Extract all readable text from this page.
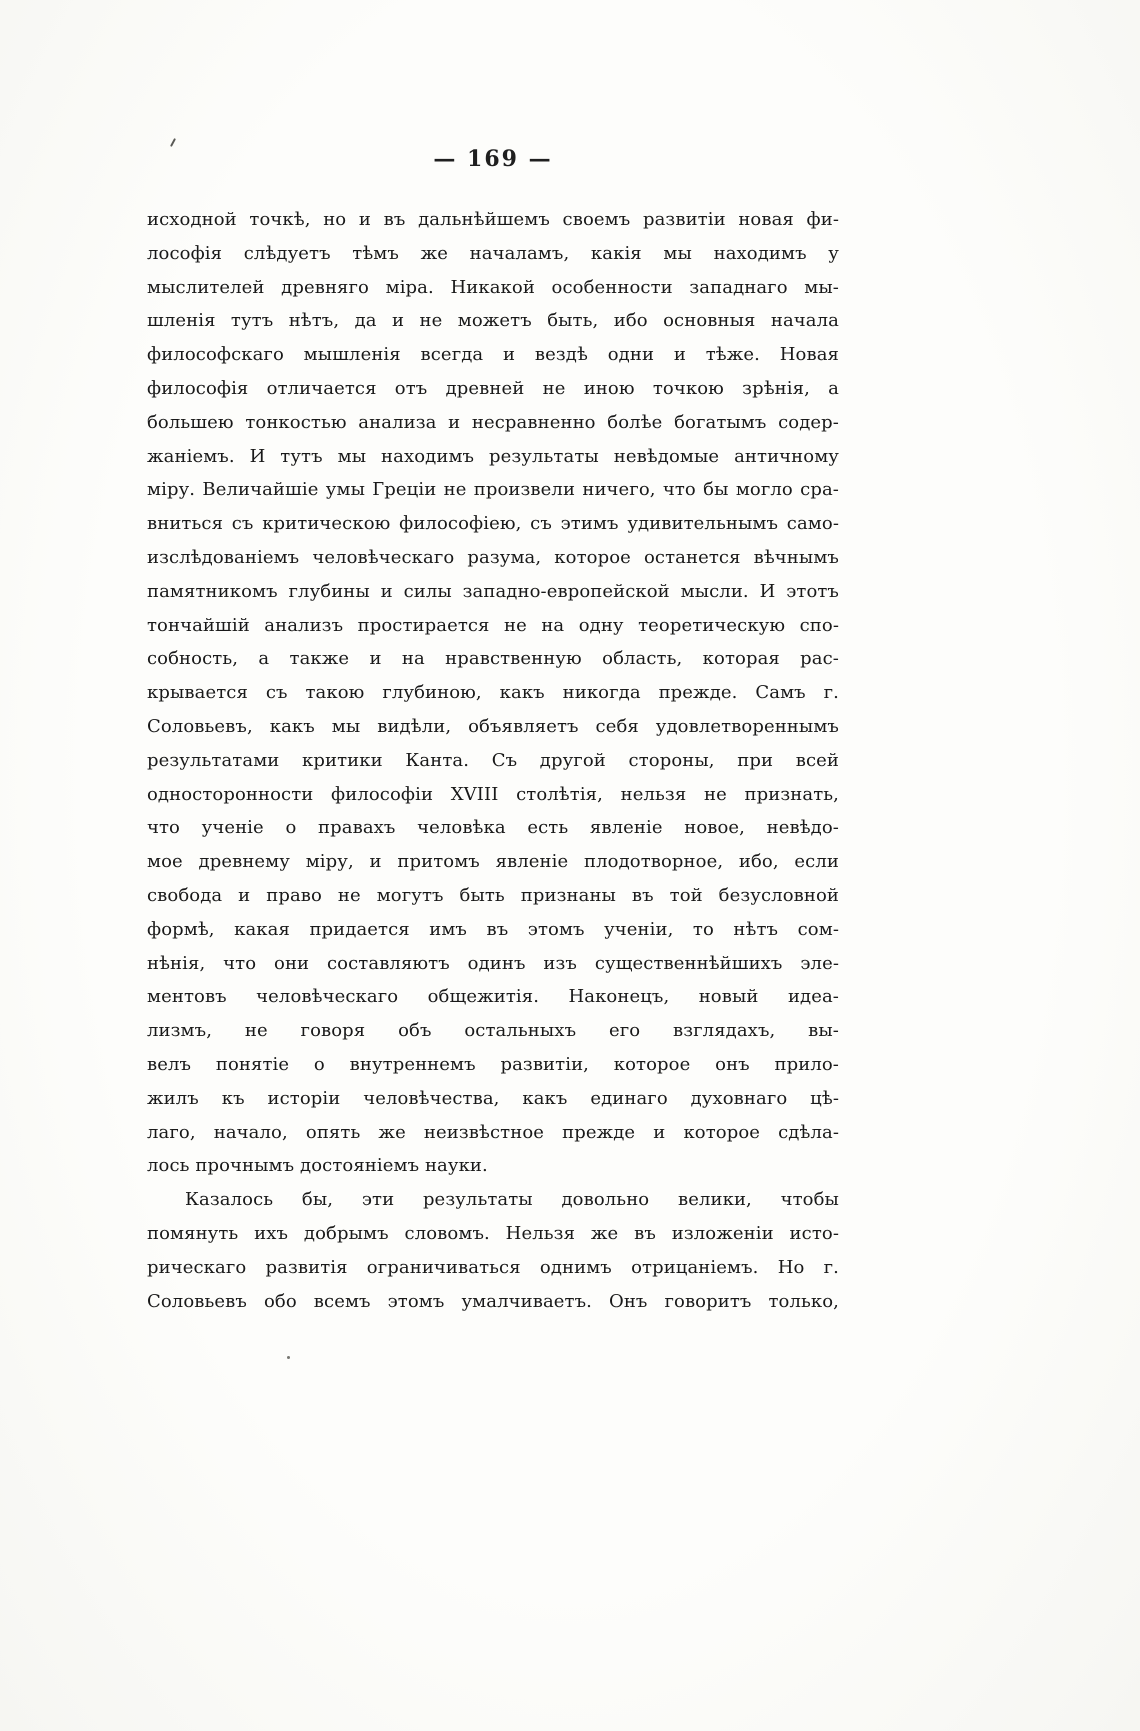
— 169 —
исходной точкѣ, но и въ дальнѣйшемъ своемъ развитіи новая фи-
лософія слѣдуетъ тѣмъ же началамъ, какія мы находимъ у
мыслителей древняго міра. Никакой особенности западнаго мы-
шленія тутъ нѣтъ, да и не можетъ быть, ибо основныя начала
философскаго мышленія всегда и вездѣ одни и тѣже. Новая
философія отличается отъ древней не иною точкою зрѣнія, а
большею тонкостью анализа и несравненно болѣе богатымъ содер-
жаніемъ. И тутъ мы находимъ результаты невѣдомые античному
міру. Величайшіе умы Греціи не произвели ничего, что бы могло сра-
вниться съ критическою философіею, съ этимъ удивительнымъ само-
изслѣдованіемъ человѣческаго разума, которое останется вѣчнымъ
памятникомъ глубины и силы западно-европейской мысли. И этотъ
тончайшій анализъ простирается не на одну теоретическую спо-
собность, а также и на нравственную область, которая рас-
крывается съ такою глубиною, какъ никогда прежде. Самъ г.
Соловьевъ, какъ мы видѣли, объявляетъ себя удовлетвореннымъ
результатами критики Канта. Съ другой стороны, при всей
односторонности философіи XVIII столѣтія, нельзя не признать,
что ученіе о правахъ человѣка есть явленіе новое, невѣдо-
мое древнему міру, и притомъ явленіе плодотворное, ибо, если
свобода и право не могутъ быть признаны въ той безусловной
формѣ, какая придается имъ въ этомъ ученіи, то нѣтъ сом-
нѣнія, что они составляютъ одинъ изъ существеннѣйшихъ эле-
ментовъ человѣческаго общежитія. Наконецъ, новый идеа-
лизмъ, не говоря объ остальныхъ его взглядахъ, вы-
велъ понятіе о внутреннемъ развитіи, которое онъ прило-
жилъ къ исторіи человѣчества, какъ единаго духовнаго цѣ-
лаго, начало, опять же неизвѣстное прежде и которое сдѣла-
лось прочнымъ достояніемъ науки.
Казалось бы, эти результаты довольно велики, чтобы
помянуть ихъ добрымъ словомъ. Нельзя же въ изложеніи исто-
рическаго развитія ограничиваться однимъ отрицаніемъ. Но г.
Соловьевъ обо всемъ этомъ умалчиваетъ. Онъ говоритъ только,
